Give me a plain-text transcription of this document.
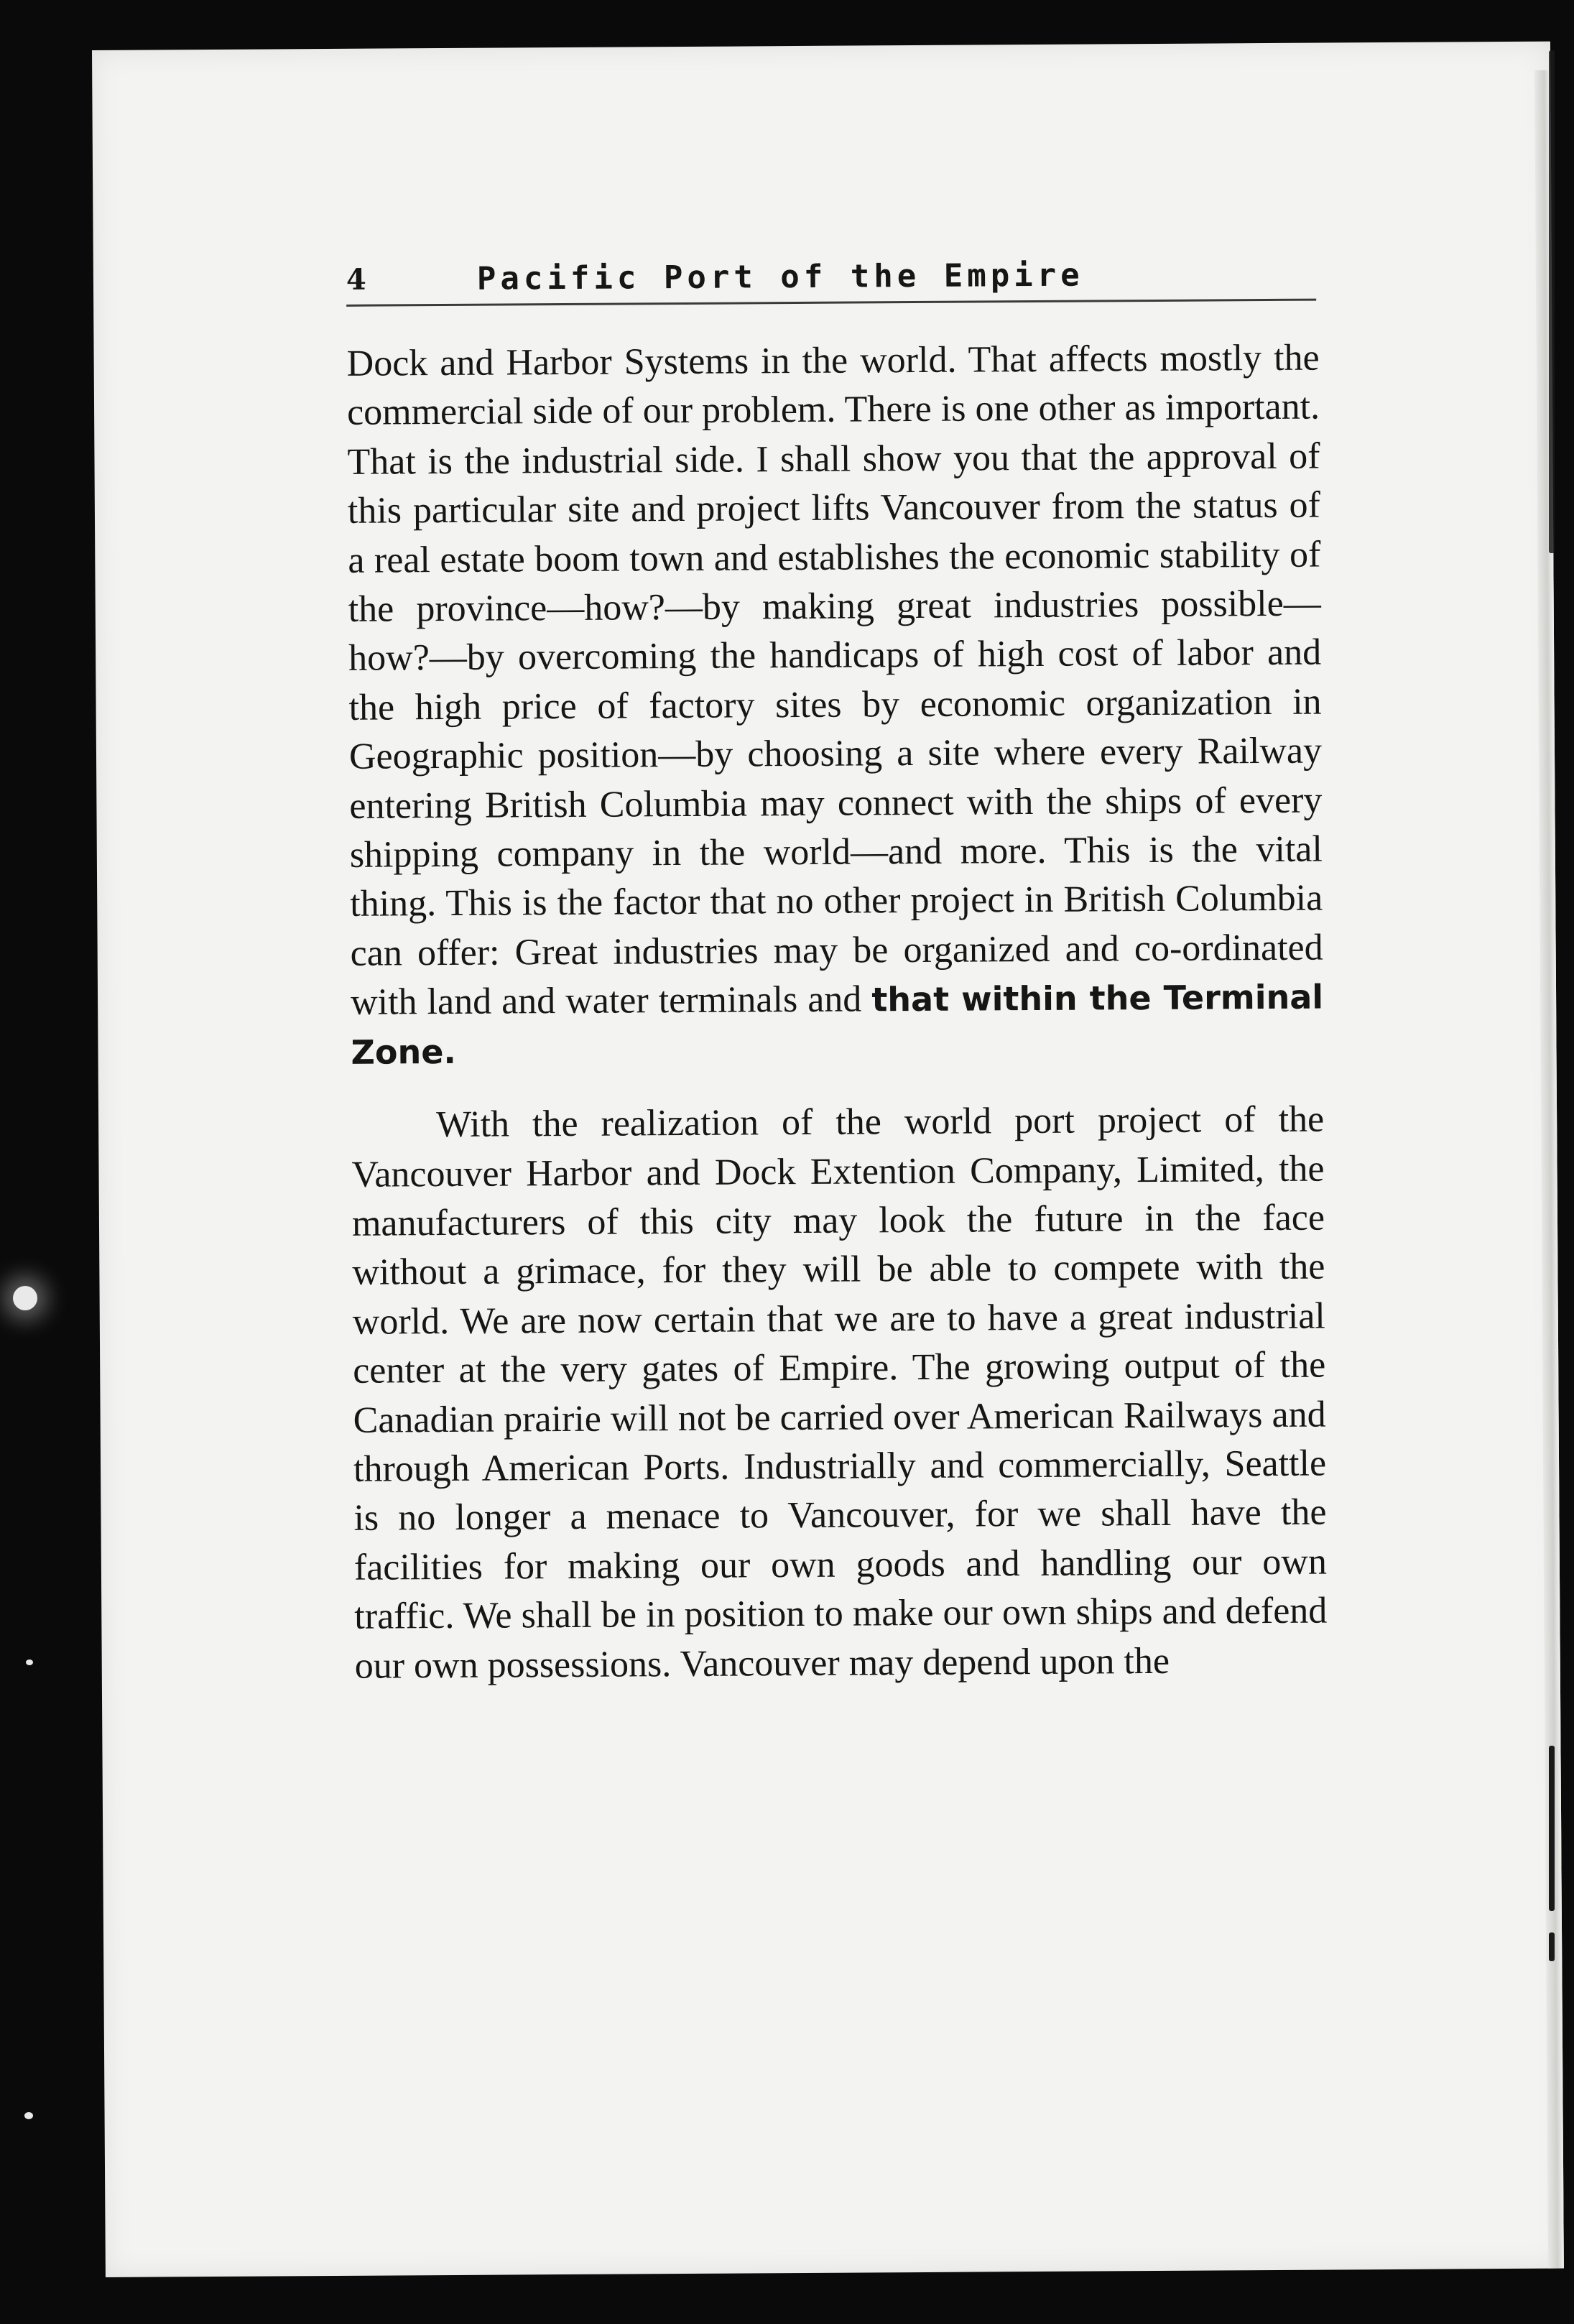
4	Pacific Port of the Empire

Dock and Harbor Systems in the world. That affects mostly the commercial side of our problem. There is one other as important. That is the industrial side. I shall show you that the approval of this particular site and project lifts Vancouver from the status of a real estate boom town and establishes the economic stability of the province—how?—by making great industries possible—how?—by overcoming the handicaps of high cost of labor and the high price of factory sites by economic organization in Geographic position—by choosing a site where every Railway entering British Columbia may connect with the ships of every shipping company in the world—and more. This is the vital thing. This is the factor that no other project in British Columbia can offer: Great industries may be organized and co-ordinated with land and water terminals and that within the Terminal Zone.

With the realization of the world port project of the Vancouver Harbor and Dock Extention Company, Limited, the manufacturers of this city may look the future in the face without a grimace, for they will be able to compete with the world. We are now certain that we are to have a great industrial center at the very gates of Empire. The growing output of the Canadian prairie will not be carried over American Railways and through American Ports. Industrially and commercially, Seattle is no longer a menace to Vancouver, for we shall have the facilities for making our own goods and handling our own traffic. We shall be in position to make our own ships and defend our own possessions. Vancouver may depend upon the
